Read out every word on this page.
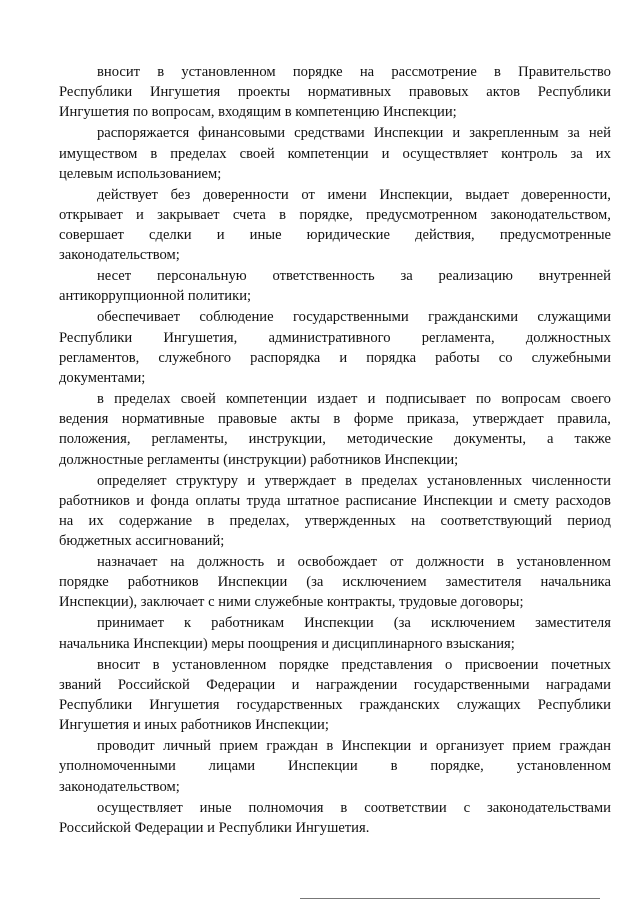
вносит в установленном порядке на рассмотрение в Правительство
Республики Ингушетия проекты нормативных правовых актов Республики
Ингушетия по вопросам, входящим в компетенцию Инспекции;
распоряжается финансовыми средствами Инспекции и закрепленным за ней
имуществом в пределах своей компетенции и осуществляет контроль за их
целевым использованием;
действует без доверенности от имени Инспекции, выдает доверенности,
открывает и закрывает счета в порядке, предусмотренном законодательством,
совершает сделки и иные юридические действия, предусмотренные
законодательством;
несет персональную ответственность за реализацию внутренней
антикоррупционной политики;
обеспечивает соблюдение государственными гражданскими служащими
Республики Ингушетия, административного регламента, должностных
регламентов, служебного распорядка и порядка работы со служебными
документами;
в пределах своей компетенции издает и подписывает по вопросам своего
ведения нормативные правовые акты в форме приказа, утверждает правила,
положения, регламенты, инструкции, методические документы, а также
должностные регламенты (инструкции) работников Инспекции;
определяет структуру и утверждает в пределах установленных численности
работников и фонда оплаты труда штатное расписание Инспекции и смету расходов
на их содержание в пределах, утвержденных на соответствующий период
бюджетных ассигнований;
назначает на должность и освобождает от должности в установленном
порядке работников Инспекции (за исключением заместителя начальника
Инспекции), заключает с ними служебные контракты, трудовые договоры;
принимает к работникам Инспекции (за исключением заместителя
начальника Инспекции) меры поощрения и дисциплинарного взыскания;
вносит в установленном порядке представления о присвоении почетных
званий Российской Федерации и награждении государственными наградами
Республики Ингушетия государственных гражданских служащих Республики
Ингушетия и иных работников Инспекции;
проводит личный прием граждан в Инспекции и организует прием граждан
уполномоченными лицами Инспекции в порядке, установленном
законодательством;
осуществляет иные полномочия в соответствии с законодательствами
Российской Федерации и Республики Ингушетия.
